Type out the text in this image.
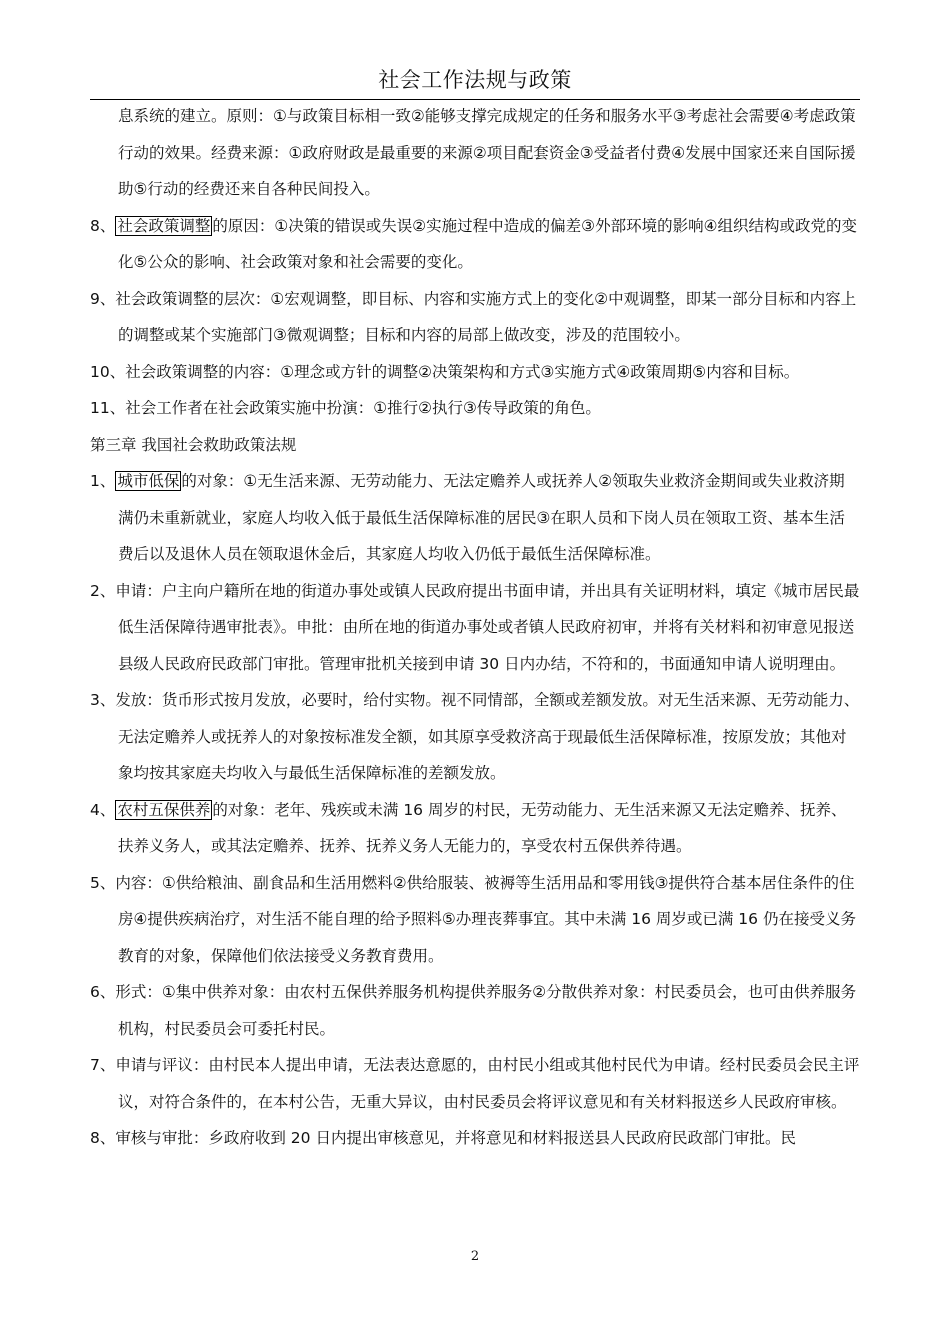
社会工作法规与政策
息系统的建立。原则：①与政策目标相一致②能够支撑完成规定的任务和服务水平③考虑社会需要④考虑政策行动的效果。经费来源：①政府财政是最重要的来源②项目配套资金③受益者付费④发展中国家还来自国际援助⑤行动的经费还来自各种民间投入。
8、 社会政策调整 的原因：①决策的错误或失误②实施过程中造成的偏差③外部环境的影响④组织结构或政党的变化⑤公众的影响、社会政策对象和社会需要的变化。
9、社会政策调整的层次：①宏观调整，即目标、内容和实施方式上的变化②中观调整，即某一部分目标和内容上的调整或某个实施部门③微观调整；目标和内容的局部上做改变，涉及的范围较小。
10、社会政策调整的内容：①理念或方针的调整②决策架构和方式③实施方式④政策周期⑤内容和目标。
11、社会工作者在社会政策实施中扮演：①推行②执行③传导政策的角色。
第三章 我国社会救助政策法规
1、 城市低保 的对象：①无生活来源、无劳动能力、无法定赡养人或抚养人②领取失业救济金期间或失业救济期满仍未重新就业，家庭人均收入低于最低生活保障标准的居民③在职人员和下岗人员在领取工资、基本生活费后以及退休人员在领取退休金后，其家庭人均收入仍低于最低生活保障标准。
2、申请：户主向户籍所在地的街道办事处或镇人民政府提出书面申请，并出具有关证明材料，填定《城市居民最低生活保障待遇审批表》。申批：由所在地的街道办事处或者镇人民政府初审，并将有关材料和初审意见报送县级人民政府民政部门审批。管理审批机关接到申请 30 日内办结，不符和的，书面通知申请人说明理由。
3、发放：货币形式按月发放，必要时，给付实物。视不同情部，全额或差额发放。对无生活来源、无劳动能力、无法定赡养人或抚养人的对象按标准发全额，如其原享受救济高于现最低生活保障标准，按原发放；其他对象均按其家庭夫均收入与最低生活保障标准的差额发放。
4、 农村五保供养 的对象：老年、残疾或未满 16 周岁的村民，无劳动能力、无生活来源又无法定赡养、抚养、扶养义务人，或其法定赡养、抚养、抚养义务人无能力的，享受农村五保供养待遇。
5、内容：①供给粮油、副食品和生活用燃料②供给服装、被褥等生活用品和零用钱③提供符合基本居住条件的住房④提供疾病治疗，对生活不能自理的给予照料⑤办理丧葬事宜。其中未满 16 周岁或已满 16 仍在接受义务教育的对象，保障他们依法接受义务教育费用。
6、形式：①集中供养对象：由农村五保供养服务机构提供养服务②分散供养对象：村民委员会，也可由供养服务机构，村民委员会可委托村民。
7、申请与评议：由村民本人提出申请，无法表达意愿的，由村民小组或其他村民代为申请。经村民委员会民主评议，对符合条件的，在本村公告，无重大异议，由村民委员会将评议意见和有关材料报送乡人民政府审核。
8、审核与审批：乡政府收到 20 日内提出审核意见，并将意见和材料报送县人民政府民政部门审批。民
2
